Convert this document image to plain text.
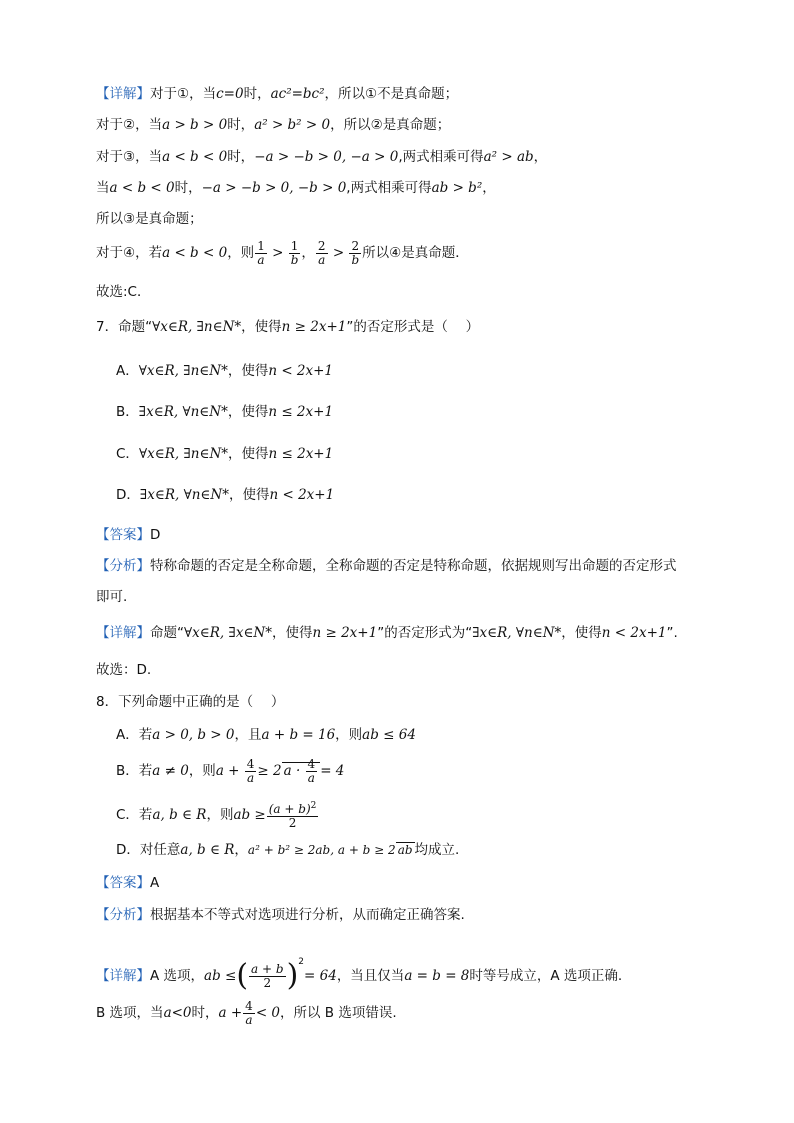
【详解】对于①，当c=0时，ac²=bc²，所以①不是真命题；
对于②，当a > b > 0时，a² > b² > 0，所以②是真命题；
对于③，当a < b < 0时，−a > −b > 0, −a > 0,两式相乘可得a² > ab，
当a < b < 0时，−a > −b > 0, −b > 0,两式相乘可得ab > b²，
所以③是真命题；
对于④，若a < b < 0，则 $\frac{1}{a} > \frac{1}{b}$ ， $\frac{2}{a} > \frac{2}{b}$ 所以④是真命题．
故选:C．
7．命题“∀x∈R, ∃n∈N*，使得n ≥ 2x+1”的否定形式是（　 ）
A．∀x∈R, ∃n∈N*，使得n < 2x+1
B．∃x∈R, ∀n∈N*，使得n ≤ 2x+1
C．∀x∈R, ∃n∈N*，使得n ≤ 2x+1
D．∃x∈R, ∀n∈N*，使得n < 2x+1
【答案】D
【分析】特称命题的否定是全称命题，全称命题的否定是特称命题，依据规则写出命题的否定形式
即可.
【详解】命题“∀x∈R, ∃x∈N*，使得n ≥ 2x+1”的否定形式为“∃x∈R, ∀n∈N*，使得n < 2x+1”.
故选：D.
8．下列命题中正确的是（　 ）
A．若a > 0, b > 0，且a + b = 16，则ab ≤ 64
B．若a ≠ 0，则$a + \frac{4}{a} \ge 2$ $a \cdot \frac{4}{a} = 4$
C．若a, b ∈ R，则ab ≥ $\frac{(a + b)^2}{2}$
D．对任意a, b ∈ R，a² + b² ≥ 2ab, a + b ≥ 2 ab 均成立.
【答案】A
【分析】根据基本不等式对选项进行分析，从而确定正确答案.
【详解】A 选项，ab ≤( $\frac{a + b}{2} )^2= 64$，当且仅当a = b = 8时等号成立，A 选项正确.
B 选项，当a<0时，$a + \frac{4}{a} < 0$，所以 B 选项错误.
